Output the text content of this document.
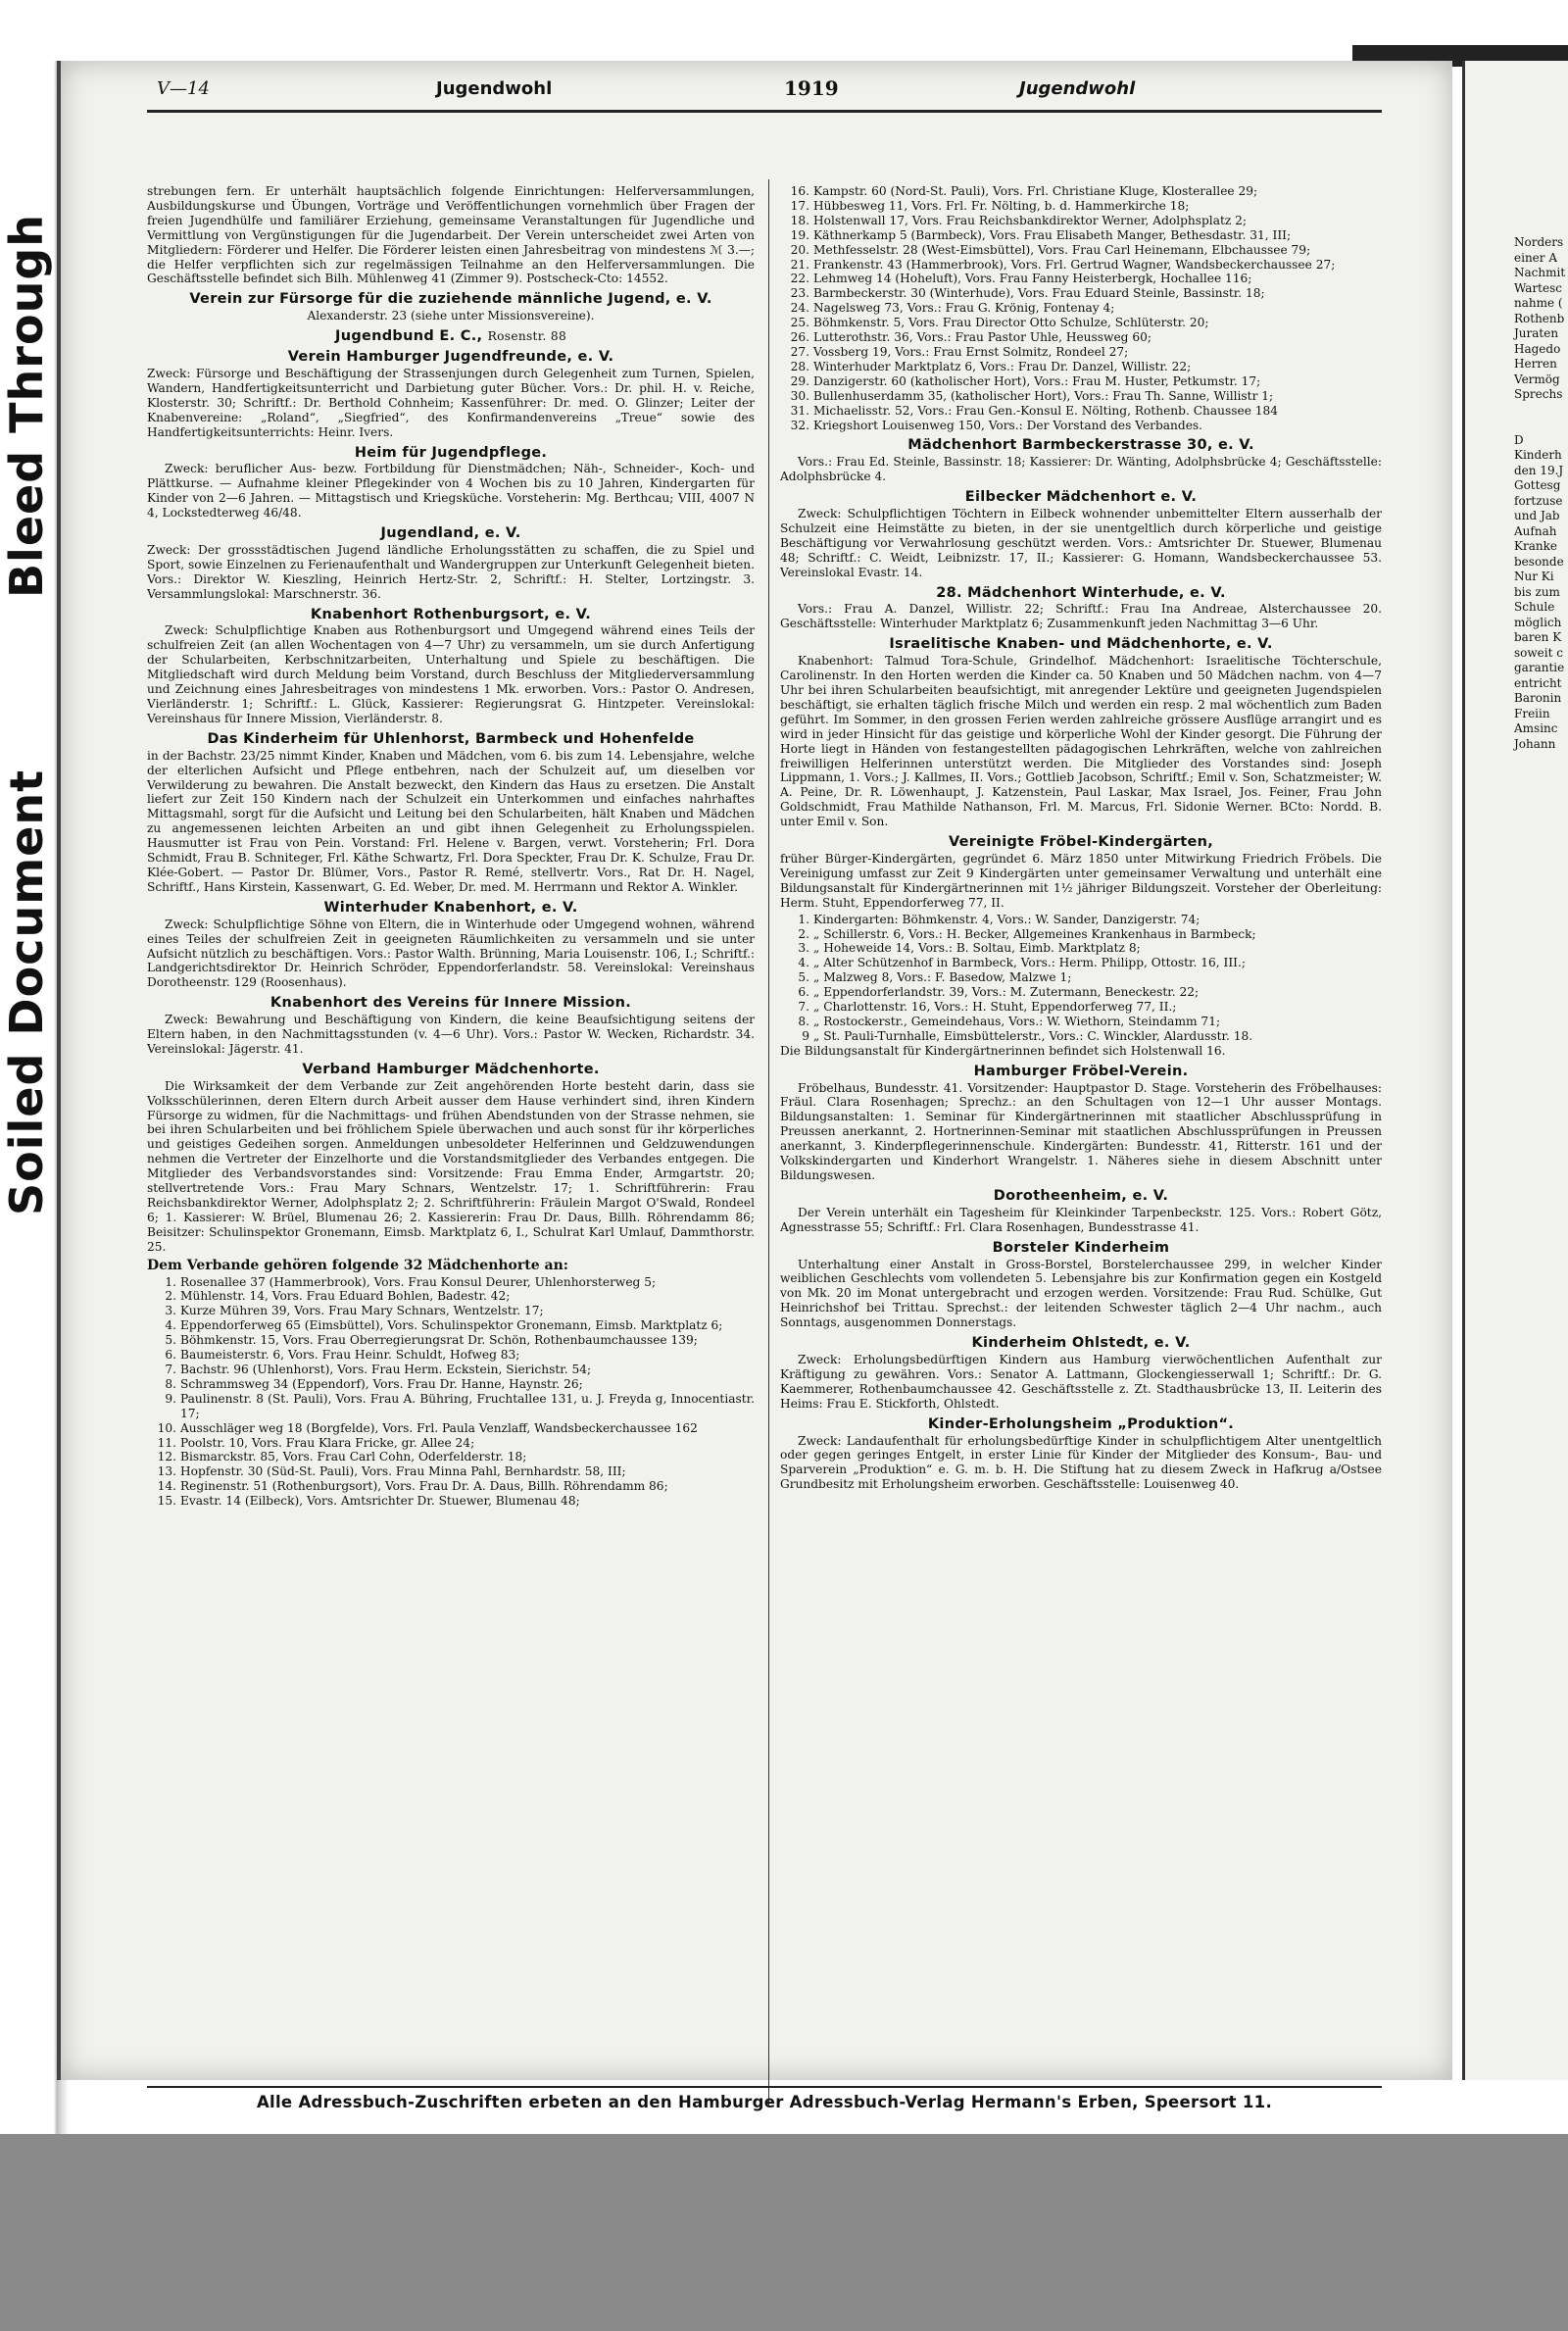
Bleed Through
Soiled Document
Norders
einer A
Nachmit
Wartesc
nahme (
Rothenb
Juraten
Hagedo
Herren
Vermög
Sprechs

D
Kinderh
den 19.J
Gottesg
fortzuse
und Jab
Aufnah
Kranke
besonde
Nur Ki
bis zum
Schule
möglich
baren K
soweit c
garantie
entricht
Baronin
Freiin
Amsinc
Johann
V—14	Jugendwohl	1919	Jugendwohl

strebungen fern. Er unterhält hauptsächlich folgende Einrichtungen: Helferversammlungen, Ausbildungskurse und Übungen, Vorträge und Veröffentlichungen vornehmlich über Fragen der freien Jugendhülfe und familiärer Erziehung, gemeinsame Veranstaltungen für Jugendliche und Vermittlung von Vergünstigungen für die Jugendarbeit. Der Verein unterscheidet zwei Arten von Mitgliedern: Förderer und Helfer. Die Förderer leisten einen Jahresbeitrag von mindestens ℳ 3.—; die Helfer verpflichten sich zur regelmässigen Teilnahme an den Helferversammlungen. Die Geschäftsstelle befindet sich Bilh. Mühlenweg 41 (Zimmer 9). Postscheck-Cto: 14552.

Verein zur Fürsorge für die zuziehende männliche Jugend, e. V.

Alexanderstr. 23 (siehe unter Missionsvereine).

Jugendbund E. C., Rosenstr. 88
Verein Hamburger Jugendfreunde, e. V.

Zweck: Fürsorge und Beschäftigung der Strassenjungen durch Gelegenheit zum Turnen, Spielen, Wandern, Handfertigkeitsunterricht und Darbietung guter Bücher. Vors.: Dr. phil. H. v. Reiche, Klosterstr. 30; Schriftf.: Dr. Berthold Cohnheim; Kassenführer: Dr. med. O. Glinzer; Leiter der Knabenvereine: „Roland“, „Siegfried“, des Konfirmandenvereins „Treue“ sowie des Handfertigkeitsunterrichts: Heinr. Ivers.

Heim für Jugendpflege.

Zweck: beruflicher Aus- bezw. Fortbildung für Dienstmädchen; Näh-, Schneider-, Koch- und Plättkurse. — Aufnahme kleiner Pflegekinder von 4 Wochen bis zu 10 Jahren, Kindergarten für Kinder von 2—6 Jahren. — Mittagstisch und Kriegsküche. Vorsteherin: Mg. Berthcau; VIII, 4007 N 4, Lockstedterweg 46/48.

Jugendland, e. V.

Zweck: Der grossstädtischen Jugend ländliche Erholungsstätten zu schaffen, die zu Spiel und Sport, sowie Einzelnen zu Ferienaufenthalt und Wandergruppen zur Unterkunft Gelegenheit bieten. Vors.: Direktor W. Kieszling, Heinrich Hertz-Str. 2, Schriftf.: H. Stelter, Lortzingstr. 3. Versammlungslokal: Marschnerstr. 36.

Knabenhort Rothenburgsort, e. V.

Zweck: Schulpflichtige Knaben aus Rothenburgsort und Umgegend während eines Teils der schulfreien Zeit (an allen Wochentagen von 4—7 Uhr) zu versammeln, um sie durch Anfertigung der Schularbeiten, Kerbschnitzarbeiten, Unterhaltung und Spiele zu beschäftigen. Die Mitgliedschaft wird durch Meldung beim Vorstand, durch Beschluss der Mitgliederversammlung und Zeichnung eines Jahresbeitrages von mindestens 1 Mk. erworben. Vors.: Pastor O. Andresen, Vierländerstr. 1; Schriftf.: L. Glück, Kassierer: Regierungsrat G. Hintzpeter. Vereinslokal: Vereinshaus für Innere Mission, Vierländerstr. 8.

Das Kinderheim für Uhlenhorst, Barmbeck und Hohenfelde

in der Bachstr. 23/25 nimmt Kinder, Knaben und Mädchen, vom 6. bis zum 14. Lebensjahre, welche der elterlichen Aufsicht und Pflege entbehren, nach der Schulzeit auf, um dieselben vor Verwilderung zu bewahren. Die Anstalt bezweckt, den Kindern das Haus zu ersetzen. Die Anstalt liefert zur Zeit 150 Kindern nach der Schulzeit ein Unterkommen und einfaches nahrhaftes Mittagsmahl, sorgt für die Aufsicht und Leitung bei den Schularbeiten, hält Knaben und Mädchen zu angemessenen leichten Arbeiten an und gibt ihnen Gelegenheit zu Erholungsspielen. Hausmutter ist Frau von Pein. Vorstand: Frl. Helene v. Bargen, verwt. Vorsteherin; Frl. Dora Schmidt, Frau B. Schniteger, Frl. Käthe Schwartz, Frl. Dora Speckter, Frau Dr. K. Schulze, Frau Dr. Klée-Gobert. — Pastor Dr. Blümer, Vors., Pastor R. Remé, stellvertr. Vors., Rat Dr. H. Nagel, Schriftf., Hans Kirstein, Kassenwart, G. Ed. Weber, Dr. med. M. Herrmann und Rektor A. Winkler.

Winterhuder Knabenhort, e. V.

Zweck: Schulpflichtige Söhne von Eltern, die in Winterhude oder Umgegend wohnen, während eines Teiles der schulfreien Zeit in geeigneten Räumlichkeiten zu versammeln und sie unter Aufsicht nützlich zu beschäftigen. Vors.: Pastor Walth. Brünning, Maria Louisenstr. 106, I.; Schriftf.: Landgerichtsdirektor Dr. Heinrich Schröder, Eppendorferlandstr. 58. Vereinslokal: Vereinshaus Dorotheenstr. 129 (Roosenhaus).

Knabenhort des Vereins für Innere Mission.

Zweck: Bewahrung und Beschäftigung von Kindern, die keine Beaufsichtigung seitens der Eltern haben, in den Nachmittagsstunden (v. 4—6 Uhr). Vors.: Pastor W. Wecken, Richardstr. 34. Vereinslokal: Jägerstr. 41.

Verband Hamburger Mädchenhorte.

Die Wirksamkeit der dem Verbande zur Zeit angehörenden Horte besteht darin, dass sie Volksschülerinnen, deren Eltern durch Arbeit ausser dem Hause verhindert sind, ihren Kindern Fürsorge zu widmen, für die Nachmittags- und frühen Abendstunden von der Strasse nehmen, sie bei ihren Schularbeiten und bei fröhlichem Spiele überwachen und auch sonst für ihr körperliches und geistiges Gedeihen sorgen. Anmeldungen unbesoldeter Helferinnen und Geldzuwendungen nehmen die Vertreter der Einzelhorte und die Vorstandsmitglieder des Verbandes entgegen. Die Mitglieder des Verbandsvorstandes sind: Vorsitzende: Frau Emma Ender, Armgartstr. 20; stellvertretende Vors.: Frau Mary Schnars, Wentzelstr. 17; 1. Schriftführerin: Frau Reichsbankdirektor Werner, Adolphsplatz 2; 2. Schriftführerin: Fräulein Margot O'Swald, Rondeel 6; 1. Kassierer: W. Brüel, Blumenau 26; 2. Kassiererin: Frau Dr. Daus, Billh. Röhrendamm 86; Beisitzer: Schulinspektor Gronemann, Eimsb. Marktplatz 6, I., Schulrat Karl Umlauf, Dammthorstr. 25.

Dem Verbande gehören folgende 32 Mädchenhorte an:

1. Rosenallee 37 (Hammerbrook), Vors. Frau Konsul Deurer, Uhlenhorsterweg 5;
2. Mühlenstr. 14, Vors. Frau Eduard Bohlen, Badestr. 42;
3. Kurze Mühren 39, Vors. Frau Mary Schnars, Wentzelstr. 17;
4. Eppendorferweg 65 (Eimsbüttel), Vors. Schulinspektor Gronemann, Eimsb. Marktplatz 6;
5. Böhmkenstr. 15, Vors. Frau Oberregierungsrat Dr. Schön, Rothenbaumchaussee 139;
6. Baumeisterstr. 6, Vors. Frau Heinr. Schuldt, Hofweg 83;
7. Bachstr. 96 (Uhlenhorst), Vors. Frau Herm. Eckstein, Sierichstr. 54;
8. Schrammsweg 34 (Eppendorf), Vors. Frau Dr. Hanne, Haynstr. 26;
9. Paulinenstr. 8 (St. Pauli), Vors. Frau A. Bühring, Fruchtallee 131, u. J. Freyda g, Innocentiastr. 17;
10. Ausschläger weg 18 (Borgfelde), Vors. Frl. Paula Venzlaff, Wandsbeckerchaussee 162
11. Poolstr. 10, Vors. Frau Klara Fricke, gr. Allee 24;
12. Bismarckstr. 85, Vors. Frau Carl Cohn, Oderfelderstr. 18;
13. Hopfenstr. 30 (Süd-St. Pauli), Vors. Frau Minna Pahl, Bernhardstr. 58, III;
14. Reginenstr. 51 (Rothenburgsort), Vors. Frau Dr. A. Daus, Billh. Röhrendamm 86;
15. Evastr. 14 (Eilbeck), Vors. Amtsrichter Dr. Stuewer, Blumenau 48;
16. Kampstr. 60 (Nord-St. Pauli), Vors. Frl. Christiane Kluge, Klosterallee 29;
17. Hübbesweg 11, Vors. Frl. Fr. Nölting, b. d. Hammerkirche 18;
18. Holstenwall 17, Vors. Frau Reichsbankdirektor Werner, Adolphsplatz 2;
19. Käthnerkamp 5 (Barmbeck), Vors. Frau Elisabeth Manger, Bethesdastr. 31, III;
20. Methfesselstr. 28 (West-Eimsbüttel), Vors. Frau Carl Heinemann, Elbchaussee 79;
21. Frankenstr. 43 (Hammerbrook), Vors. Frl. Gertrud Wagner, Wandsbeckerchaussee 27;
22. Lehmweg 14 (Hoheluft), Vors. Frau Fanny Heisterbergk, Hochallee 116;
23. Barmbeckerstr. 30 (Winterhude), Vors. Frau Eduard Steinle, Bassinstr. 18;
24. Nagelsweg 73, Vors.: Frau G. Krönig, Fontenay 4;
25. Böhmkenstr. 5, Vors. Frau Director Otto Schulze, Schlüterstr. 20;
26. Lutterothstr. 36, Vors.: Frau Pastor Uhle, Heussweg 60;
27. Vossberg 19, Vors.: Frau Ernst Solmitz, Rondeel 27;
28. Winterhuder Marktplatz 6, Vors.: Frau Dr. Danzel, Willistr. 22;
29. Danzigerstr. 60 (katholischer Hort), Vors.: Frau M. Huster, Petkumstr. 17;
30. Bullenhuserdamm 35, (katholischer Hort), Vors.: Frau Th. Sanne, Willistr 1;
31. Michaelisstr. 52, Vors.: Frau Gen.-Konsul E. Nölting, Rothenb. Chaussee 184
32. Kriegshort Louisenweg 150, Vors.: Der Vorstand des Verbandes.
Mädchenhort Barmbeckerstrasse 30, e. V.

Vors.: Frau Ed. Steinle, Bassinstr. 18; Kassierer: Dr. Wänting, Adolphsbrücke 4; Geschäftsstelle: Adolphsbrücke 4.

Eilbecker Mädchenhort e. V.

Zweck: Schulpflichtigen Töchtern in Eilbeck wohnender unbemittelter Eltern ausserhalb der Schulzeit eine Heimstätte zu bieten, in der sie unentgeltlich durch körperliche und geistige Beschäftigung vor Verwahrlosung geschützt werden. Vors.: Amtsrichter Dr. Stuewer, Blumenau 48; Schriftf.: C. Weidt, Leibnizstr. 17, II.; Kassierer: G. Homann, Wandsbeckerchaussee 53. Vereinslokal Evastr. 14.

28. Mädchenhort Winterhude, e. V.

Vors.: Frau A. Danzel, Willistr. 22; Schriftf.: Frau Ina Andreae, Alsterchaussee 20. Geschäftsstelle: Winterhuder Marktplatz 6; Zusammenkunft jeden Nachmittag 3—6 Uhr.

Israelitische Knaben- und Mädchenhorte, e. V.

Knabenhort: Talmud Tora-Schule, Grindelhof. Mädchenhort: Israelitische Töchterschule, Carolinenstr. In den Horten werden die Kinder ca. 50 Knaben und 50 Mädchen nachm. von 4—7 Uhr bei ihren Schularbeiten beaufsichtigt, mit anregender Lektüre und geeigneten Jugendspielen beschäftigt, sie erhalten täglich frische Milch und werden ein resp. 2 mal wöchentlich zum Baden geführt. Im Sommer, in den grossen Ferien werden zahlreiche grössere Ausflüge arrangirt und es wird in jeder Hinsicht für das geistige und körperliche Wohl der Kinder gesorgt. Die Führung der Horte liegt in Händen von festangestellten pädagogischen Lehrkräften, welche von zahlreichen freiwilligen Helferinnen unterstützt werden. Die Mitglieder des Vorstandes sind: Joseph Lippmann, 1. Vors.; J. Kallmes, II. Vors.; Gottlieb Jacobson, Schriftf.; Emil v. Son, Schatzmeister; W. A. Peine, Dr. R. Löwenhaupt, J. Katzenstein, Paul Laskar, Max Israel, Jos. Feiner, Frau John Goldschmidt, Frau Mathilde Nathanson, Frl. M. Marcus, Frl. Sidonie Werner. BCto: Nordd. B. unter Emil v. Son.

Vereinigte Fröbel-Kindergärten,

früher Bürger-Kindergärten, gegründet 6. März 1850 unter Mitwirkung Friedrich Fröbels. Die Vereinigung umfasst zur Zeit 9 Kindergärten unter gemeinsamer Verwaltung und unterhält eine Bildungsanstalt für Kindergärtnerinnen mit 1½ jähriger Bildungszeit. Vorsteher der Oberleitung: Herm. Stuht, Eppendorferweg 77, II.

1. Kindergarten: Böhmkenstr. 4, Vors.: W. Sander, Danzigerstr. 74;
2. „ Schillerstr. 6, Vors.: H. Becker, Allgemeines Krankenhaus in Barmbeck;
3. „ Hoheweide 14, Vors.: B. Soltau, Eimb. Marktplatz 8;
4. „ Alter Schützenhof in Barmbeck, Vors.: Herm. Philipp, Ottostr. 16, III.;
5. „ Malzweg 8, Vors.: F. Basedow, Malzwe 1;
6. „ Eppendorferlandstr. 39, Vors.: M. Zutermann, Beneckestr. 22;
7. „ Charlottenstr. 16, Vors.: H. Stuht, Eppendorferweg 77, II.;
8. „ Rostockerstr., Gemeindehaus, Vors.: W. Wiethorn, Steindamm 71;
9 „ St. Pauli-Turnhalle, Eimsbüttelerstr., Vors.: C. Winckler, Alardusstr. 18.

Die Bildungsanstalt für Kindergärtnerinnen befindet sich Holstenwall 16.

Hamburger Fröbel-Verein.

Fröbelhaus, Bundesstr. 41. Vorsitzender: Hauptpastor D. Stage. Vorsteherin des Fröbelhauses: Fräul. Clara Rosenhagen; Sprechz.: an den Schultagen von 12—1 Uhr ausser Montags. Bildungsanstalten: 1. Seminar für Kindergärtnerinnen mit staatlicher Abschlussprüfung in Preussen anerkannt, 2. Hortnerinnen-Seminar mit staatlichen Abschlussprüfungen in Preussen anerkannt, 3. Kinderpflegerinnenschule. Kindergärten: Bundesstr. 41, Ritterstr. 161 und der Volkskindergarten und Kinderhort Wrangelstr. 1. Näheres siehe in diesem Abschnitt unter Bildungswesen.

Dorotheenheim, e. V.

Der Verein unterhält ein Tagesheim für Kleinkinder Tarpenbeckstr. 125. Vors.: Robert Götz, Agnesstrasse 55; Schriftf.: Frl. Clara Rosenhagen, Bundesstrasse 41.

Borsteler Kinderheim

Unterhaltung einer Anstalt in Gross-Borstel, Borstelerchaussee 299, in welcher Kinder weiblichen Geschlechts vom vollendeten 5. Lebensjahre bis zur Konfirmation gegen ein Kostgeld von Mk. 20 im Monat untergebracht und erzogen werden. Vorsitzende: Frau Rud. Schülke, Gut Heinrichshof bei Trittau. Sprechst.: der leitenden Schwester täglich 2—4 Uhr nachm., auch Sonntags, ausgenommen Donnerstags.

Kinderheim Ohlstedt, e. V.

Zweck: Erholungsbedürftigen Kindern aus Hamburg vierwöchentlichen Aufenthalt zur Kräftigung zu gewähren. Vors.: Senator A. Lattmann, Glockengiesserwall 1; Schriftf.: Dr. G. Kaemmerer, Rothenbaumchaussee 42. Geschäftsstelle z. Zt. Stadthausbrücke 13, II. Leiterin des Heims: Frau E. Stickforth, Ohlstedt.

Kinder-Erholungsheim „Produktion“.

Zweck: Landaufenthalt für erholungsbedürftige Kinder in schulpflichtigem Alter unentgeltlich oder gegen geringes Entgelt, in erster Linie für Kinder der Mitglieder des Konsum-, Bau- und Sparverein „Produktion“ e. G. m. b. H. Die Stiftung hat zu diesem Zweck in Hafkrug a/Ostsee Grundbesitz mit Erholungsheim erworben. Geschäftsstelle: Louisenweg 40.

Alle Adressbuch-Zuschriften erbeten an den Hamburger Adressbuch-Verlag Hermann's Erben, Speersort 11.
